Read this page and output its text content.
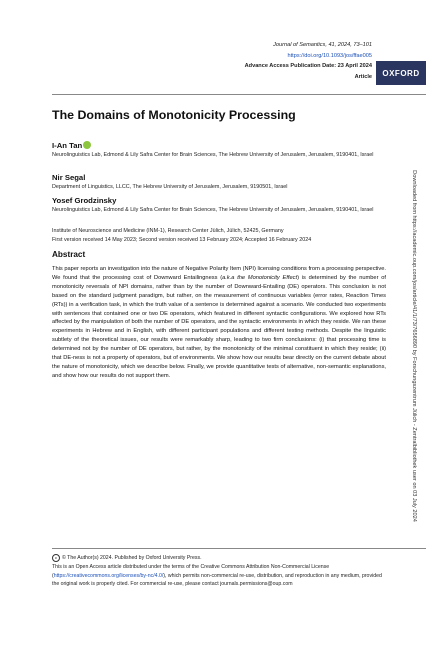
Journal of Semantics, 41, 2024, 73–101
https://doi.org/10.1093/jos/ffae005
Advance Access Publication Date: 23 April 2024
Article	OXFORD
The Domains of Monotonicity Processing
I-An Tan
Neurolinguistics Lab, Edmond & Lily Safra Center for Brain Sciences, The Hebrew University of Jerusalem, Jerusalem, 9190401, Israel
Nir Segal
Department of Linguistics, LLCC, The Hebrew University of Jerusalem, Jerusalem, 9190501, Israel
Yosef Grodzinsky
Neurolinguistics Lab, Edmond & Lily Safra Center for Brain Sciences, The Hebrew University of Jerusalem, Jerusalem, 9190401, Israel
Institute of Neuroscience and Medicine (INM-1), Research Center Jülich, Jülich, 52425, Germany
First version received 14 May 2023; Second version received 13 February 2024; Accepted 16 February 2024
Abstract
This paper reports an investigation into the nature of Negative Polarity Item (NPI) licensing conditions from a processing perspective. We found that the processing cost of Downward Entailingness (a.k.a the Monotonicity Effect) is determined by the number of monotonicity reversals of NPI domains, rather than by the number of Downward-Entailing (DE) operators. This conclusion is not based on the standard judgment paradigm, but rather, on the measurement of continuous variables (error rates, Reaction Times (RTs)) in a verification task, in which the truth value of a sentence is determined against a scenario. We conducted two experiments with sentences that contained one or two DE operators, which featured in different syntactic configurations. We explored how RTs affected by the manipulation of both the number of DE operators, and the syntactic environments in which they reside. We ran these experiments in Hebrew and in English, with different participant populations and different testing methods. Despite the linguistic subtlety of the theoretical issues, our results were remarkably sharp, leading to two firm conclusions: (i) that processing time is determined not by the number of DE operators, but rather, by the monotonicity of the minimal constituent in which they reside; (ii) that DE-ness is not a property of operators, but of environments. We show how our results bear directly on the current debate about the nature of monotonicity, which we describe below. Finally, we provide quantitative tests of alternative, non-semantic explanations, and show how our results do not support them.
c © The Author(s) 2024. Published by Oxford University Press.
This is an Open Access article distributed under the terms of the Creative Commons Attribution Non-Commercial License (https://creativecommons.org/licenses/by-nc/4.0/), which permits non-commercial re-use, distribution, and reproduction in any medium, provided the original work is properly cited. For commercial re-use, please contact journals.permissions@oup.com
Downloaded from https://academic.oup.com/jos/article/41/1/73/7656890 by Forschungszentrum Jülich - Zentralbibliothek user on 03 July 2024
